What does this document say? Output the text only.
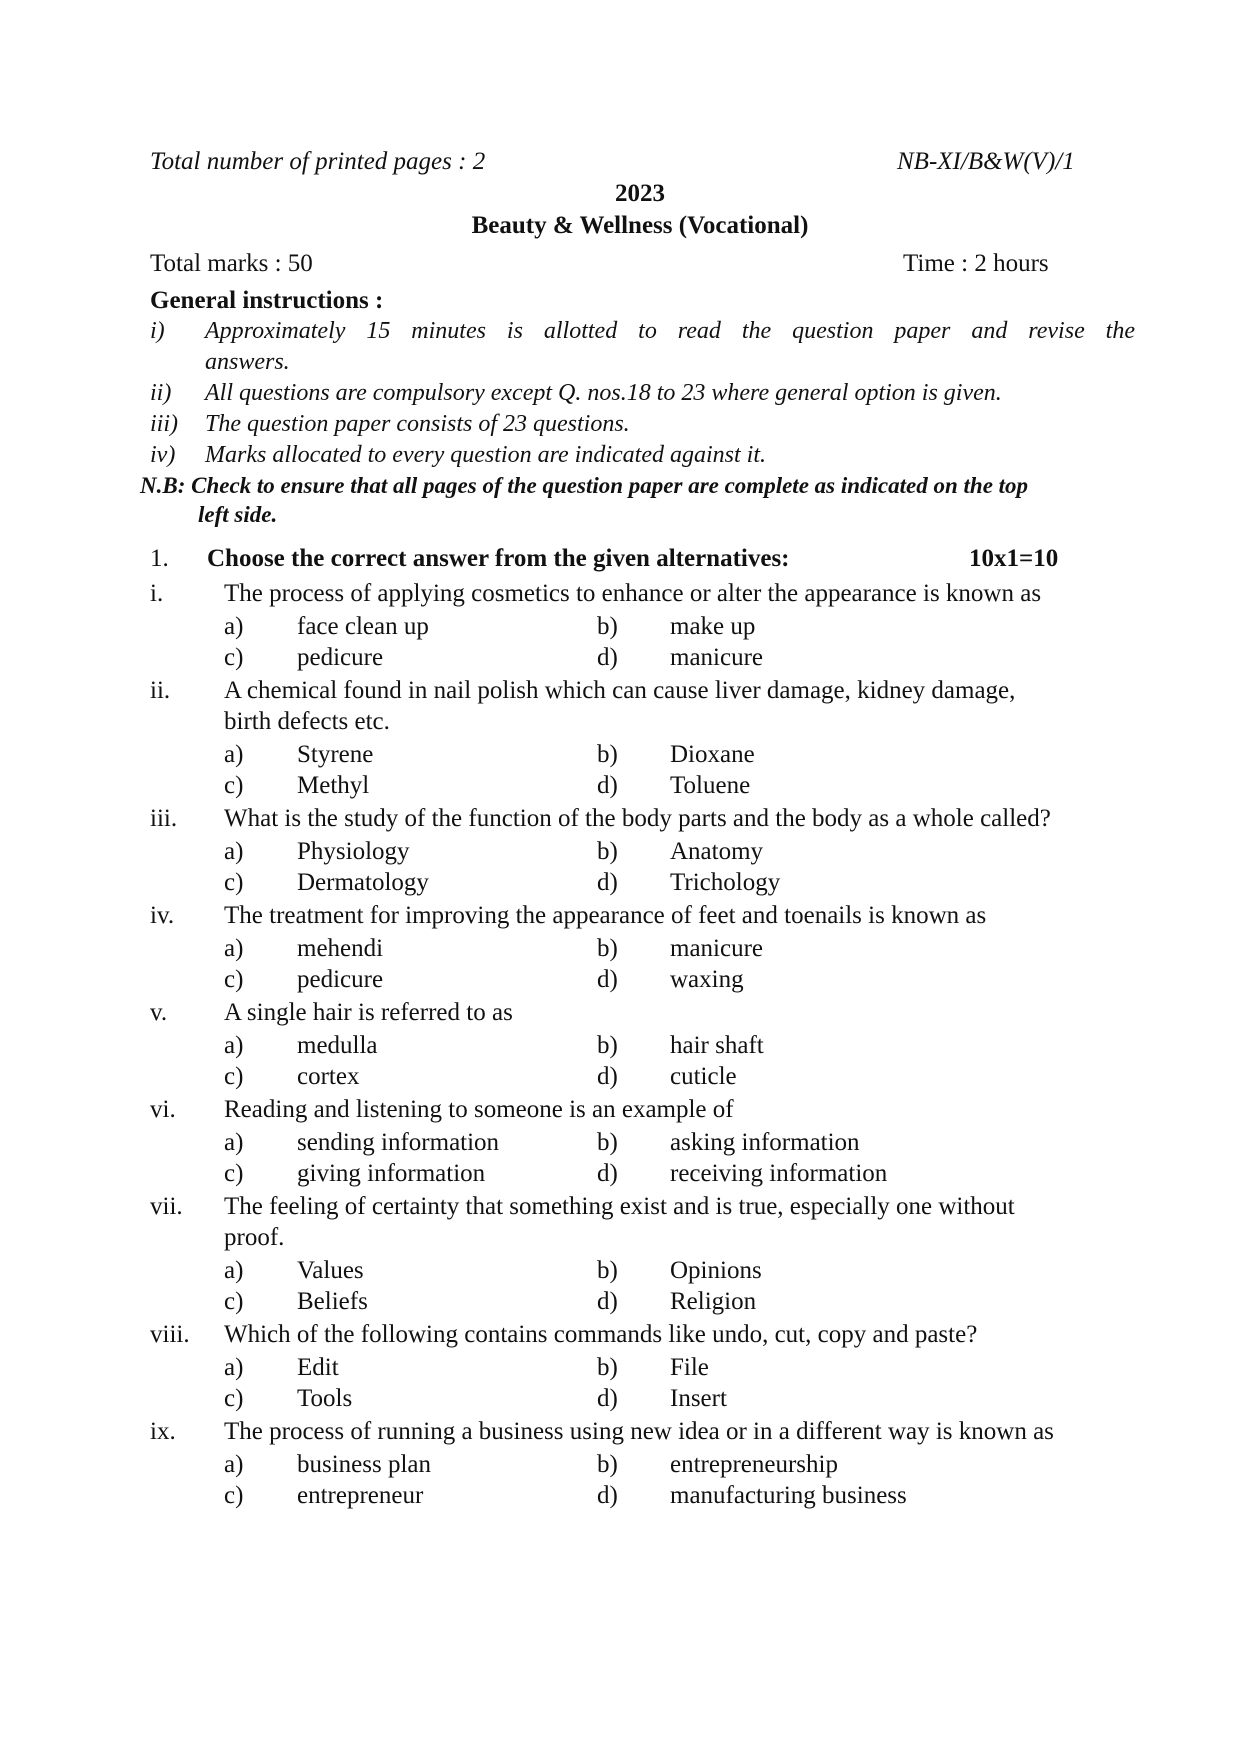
Total number of printed pages : 2	NB-XI/B&W(V)/1
2023
Beauty & Wellness (Vocational)
Total marks : 50	Time : 2 hours
General instructions :
i) Approximately 15 minutes is allotted to read the question paper and revise the
answers.
ii) All questions are compulsory except Q. nos.18 to 23 where general option is given.
iii) The question paper consists of 23 questions.
iv) Marks allocated to every question are indicated against it.
N.B: Check to ensure that all pages of the question paper are complete as indicated on the top
left side.
1. Choose the correct answer from the given alternatives:	10x1=10
i. The process of applying cosmetics to enhance or alter the appearance is known as
a) face clean up	b) make up
c) pedicure	d) manicure
ii. A chemical found in nail polish which can cause liver damage, kidney damage,
birth defects etc.
a) Styrene	b) Dioxane
c) Methyl	d) Toluene
iii. What is the study of the function of the body parts and the body as a whole called?
a) Physiology	b) Anatomy
c) Dermatology	d) Trichology
iv. The treatment for improving the appearance of feet and toenails is known as
a) mehendi	b) manicure
c) pedicure	d) waxing
v. A single hair is referred to as
a) medulla	b) hair shaft
c) cortex	d) cuticle
vi. Reading and listening to someone is an example of
a) sending information	b) asking information
c) giving information	d) receiving information
vii. The feeling of certainty that something exist and is true, especially one without
proof.
a) Values	b) Opinions
c) Beliefs	d) Religion
viii. Which of the following contains commands like undo, cut, copy and paste?
a) Edit	b) File
c) Tools	d) Insert
ix. The process of running a business using new idea or in a different way is known as
a) business plan	b) entrepreneurship
c) entrepreneur	d) manufacturing business
